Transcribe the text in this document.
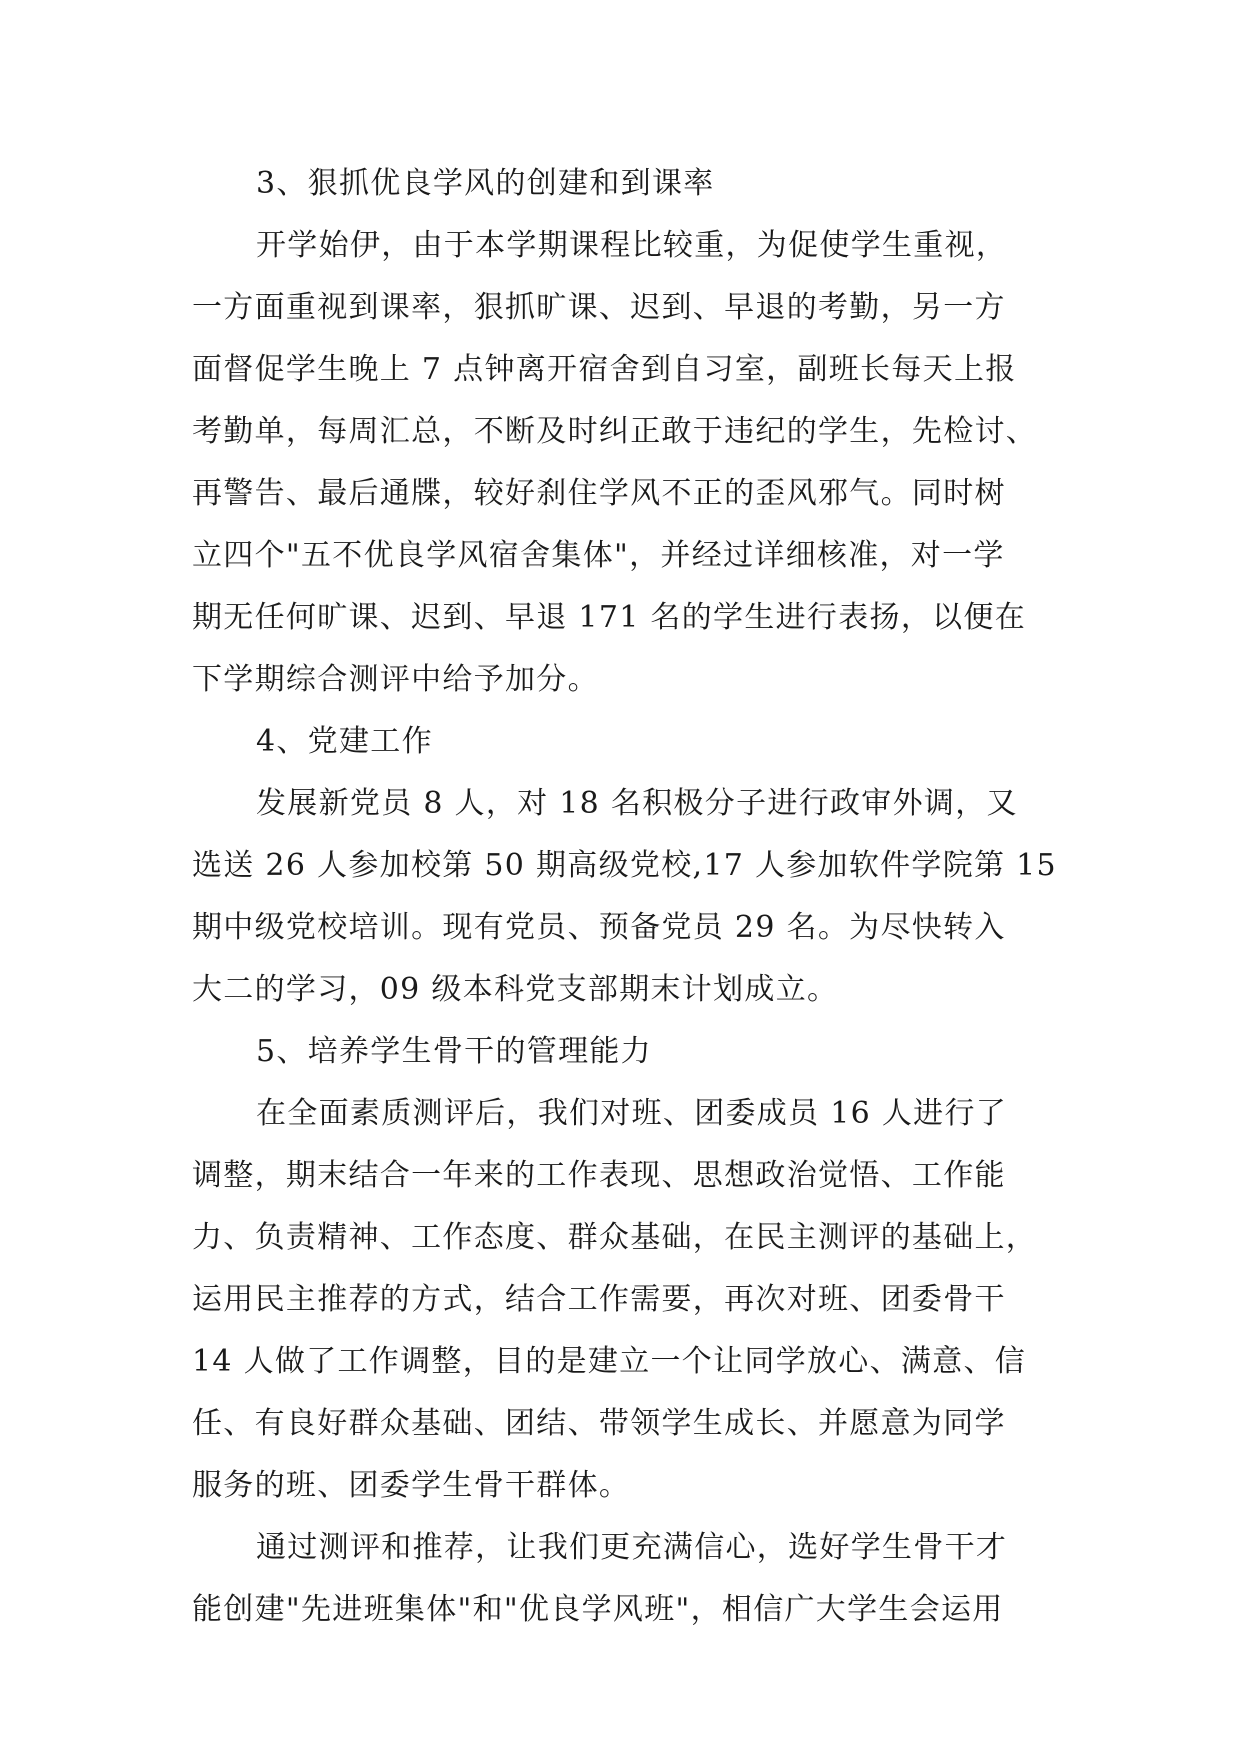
3、狠抓优良学风的创建和到课率
开学始伊，由于本学期课程比较重，为促使学生重视，
一方面重视到课率，狠抓旷课、迟到、早退的考勤，另一方
面督促学生晚上 7 点钟离开宿舍到自习室，副班长每天上报
考勤单，每周汇总，不断及时纠正敢于违纪的学生，先检讨、
再警告、最后通牒，较好刹住学风不正的歪风邪气。同时树
立四个"五不优良学风宿舍集体"，并经过详细核准，对一学
期无任何旷课、迟到、早退 171 名的学生进行表扬，以便在
下学期综合测评中给予加分。
4、党建工作
发展新党员 8 人，对 18 名积极分子进行政审外调，又
选送 26 人参加校第 50 期高级党校,17 人参加软件学院第 15
期中级党校培训。现有党员、预备党员 29 名。为尽快转入
大二的学习，09 级本科党支部期末计划成立。
5、培养学生骨干的管理能力
在全面素质测评后，我们对班、团委成员 16 人进行了
调整，期末结合一年来的工作表现、思想政治觉悟、工作能
力、负责精神、工作态度、群众基础，在民主测评的基础上，
运用民主推荐的方式，结合工作需要，再次对班、团委骨干
14 人做了工作调整，目的是建立一个让同学放心、满意、信
任、有良好群众基础、团结、带领学生成长、并愿意为同学
服务的班、团委学生骨干群体。
通过测评和推荐，让我们更充满信心，选好学生骨干才
能创建"先进班集体"和"优良学风班"，相信广大学生会运用
